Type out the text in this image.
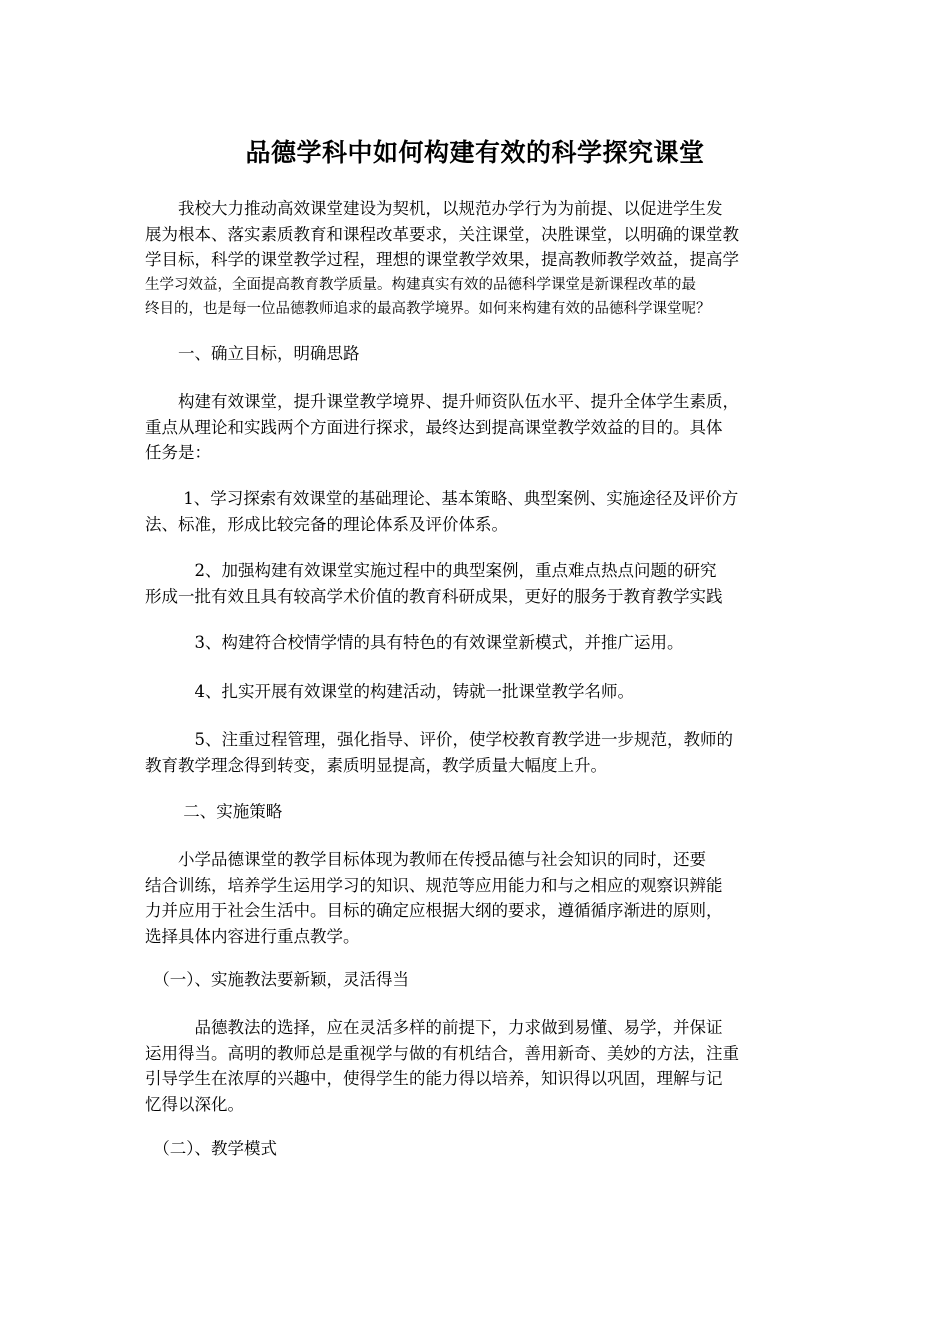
品德学科中如何构建有效的科学探究课堂
　　我校大力推动高效课堂建设为契机，以规范办学行为为前提、以促进学生发
展为根本、落实素质教育和课程改革要求，关注课堂，决胜课堂，以明确的课堂教
学目标，科学的课堂教学过程，理想的课堂教学效果，提高教师教学效益，提高学
生学习效益，全面提高教育教学质量。构建真实有效的品德科学课堂是新课程改革的最
终目的，也是每一位品德教师追求的最高教学境界。如何来构建有效的品德科学课堂呢？
　　一、确立目标，明确思路
　　构建有效课堂，提升课堂教学境界、提升师资队伍水平、提升全体学生素质，
重点从理论和实践两个方面进行探求，最终达到提高课堂教学效益的目的。具体
任务是：
　　 1、学习探索有效课堂的基础理论、基本策略、典型案例、实施途径及评价方
法、标准，形成比较完备的理论体系及评价体系。
　　　2、加强构建有效课堂实施过程中的典型案例，重点难点热点问题的研究
形成一批有效且具有较高学术价值的教育科研成果，更好的服务于教育教学实践
　　　3、构建符合校情学情的具有特色的有效课堂新模式，并推广运用。
　　　4、扎实开展有效课堂的构建活动，铸就一批课堂教学名师。
　　　5、注重过程管理，强化指导、评价，使学校教育教学进一步规范，教师的
教育教学理念得到转变，素质明显提高，教学质量大幅度上升。
　　 二、实施策略
　　小学品德课堂的教学目标体现为教师在传授品德与社会知识的同时，还要
结合训练，培养学生运用学习的知识、规范等应用能力和与之相应的观察识辨能
力并应用于社会生活中。目标的确定应根据大纲的要求，遵循循序渐进的原则，
选择具体内容进行重点教学。
　（一）、实施教法要新颖，灵活得当
　　　品德教法的选择，应在灵活多样的前提下，力求做到易懂、易学，并保证
运用得当。高明的教师总是重视学与做的有机结合，善用新奇、美妙的方法，注重
引导学生在浓厚的兴趣中，使得学生的能力得以培养，知识得以巩固，理解与记
忆得以深化。
　（二）、教学模式
